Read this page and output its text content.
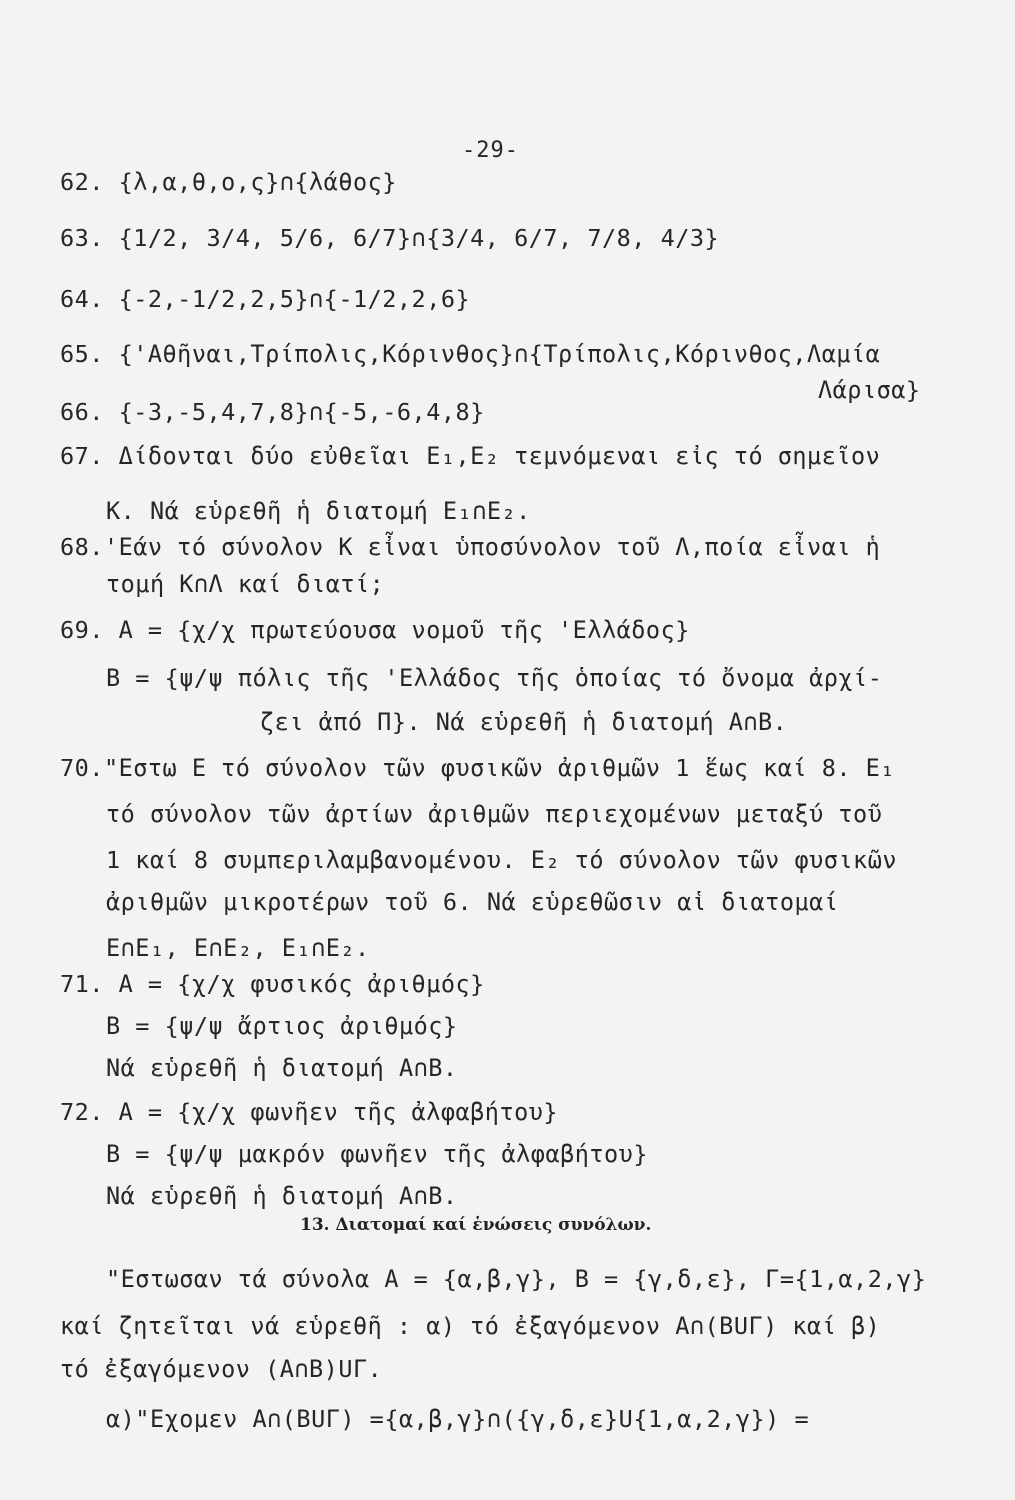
-29-
62. {λ,α,θ,ο,ς}∩{λάθος}
63. {1/2, 3/4, 5/6, 6/7}∩{3/4, 6/7, 7/8, 4/3}
64. {-2,-1/2,2,5}∩{-1/2,2,6}
65. {'Αθῆναι,Τρίπολις,Κόρινθος}∩{Τρίπολις,Κόρινθος,Λαμία
Λάρισα}
66. {-3,-5,4,7,8}∩{-5,-6,4,8}
67. Δίδονται δύο εὐθεῖαι Ε₁,Ε₂ τεμνόμεναι εἰς τό σημεῖον
Κ. Νά εὑρεθῆ ἡ διατομή Ε₁∩Ε₂.
68.'Εάν τό σύνολον Κ εἶναι ὑποσύνολον τοῦ Λ,ποία εἶναι ἡ
τομή Κ∩Λ καί διατί;
69. Α = {χ/χ πρωτεύουσα νομοῦ τῆς 'Ελλάδος}
Β = {ψ/ψ πόλις τῆς 'Ελλάδος τῆς ὁποίας τό ὄνομα ἀρχί-
ζει ἀπό Π}. Νά εὑρεθῆ ἡ διατομή Α∩Β.
70."Εστω Ε τό σύνολον τῶν φυσικῶν ἀριθμῶν 1 ἕως καί 8. Ε₁
τό σύνολον τῶν ἀρτίων ἀριθμῶν περιεχομένων μεταξύ τοῦ
1 καί 8 συμπεριλαμβανομένου. Ε₂ τό σύνολον τῶν φυσικῶν
ἀριθμῶν μικροτέρων τοῦ 6. Νά εὑρεθῶσιν αἱ διατομαί
Ε∩Ε₁, Ε∩Ε₂, Ε₁∩Ε₂.
71. Α = {χ/χ φυσικός ἀριθμός}
Β = {ψ/ψ ἄρτιος ἀριθμός}
Νά εὑρεθῆ ἡ διατομή Α∩Β.
72. Α = {χ/χ φωνῆεν τῆς ἀλφαβήτου}
Β = {ψ/ψ μακρόν φωνῆεν τῆς ἀλφαβήτου}
Νά εὑρεθῆ ἡ διατομή Α∩Β.
13. Διατομαί καί ἑνώσεις συνόλων.
"Εστωσαν τά σύνολα Α = {α,β,γ}, Β = {γ,δ,ε}, Γ={1,α,2,γ}
καί ζητεῖται νά εὑρεθῆ : α) τό ἐξαγόμενον Α∩(ΒUΓ) καί β)
τό ἐξαγόμενον (Α∩Β)UΓ.
α)"Εχομεν Α∩(ΒUΓ) ={α,β,γ}∩({γ,δ,ε}U{1,α,2,γ}) =
